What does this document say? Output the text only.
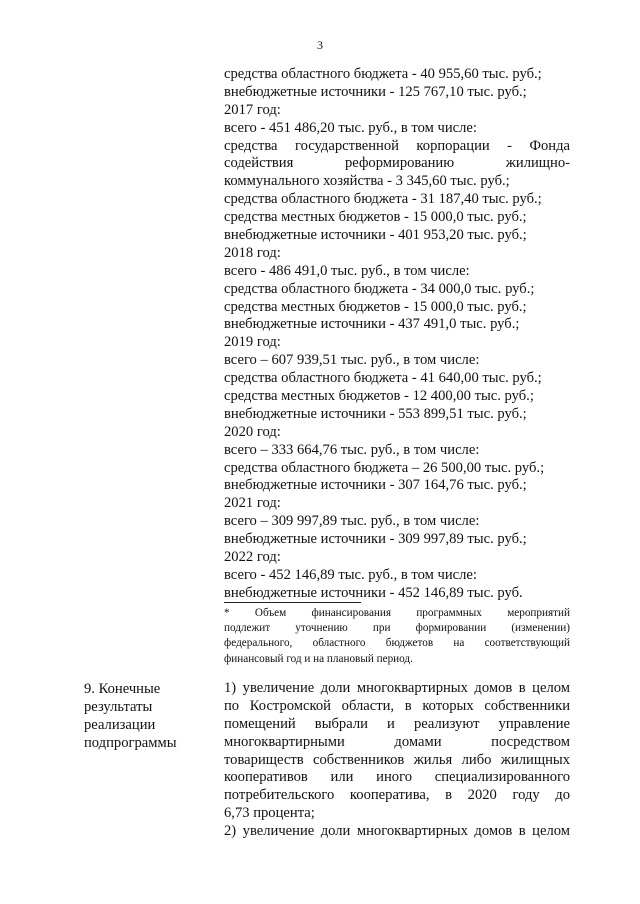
3
средства областного бюджета - 40 955,60 тыс. руб.;
внебюджетные источники - 125 767,10 тыс. руб.;
2017 год:
всего - 451 486,20 тыс. руб., в том числе:
средства государственной корпорации - Фонда
содействия реформированию жилищно-
коммунального хозяйства - 3 345,60 тыс. руб.;
средства областного бюджета - 31 187,40 тыс. руб.;
средства местных бюджетов - 15 000,0 тыс. руб.;
внебюджетные источники - 401 953,20 тыс. руб.;
2018 год:
всего - 486 491,0 тыс. руб., в том числе:
средства областного бюджета - 34 000,0 тыс. руб.;
средства местных бюджетов - 15 000,0 тыс. руб.;
внебюджетные источники - 437 491,0 тыс. руб.;
2019 год:
всего – 607 939,51 тыс. руб., в том числе:
средства областного бюджета - 41 640,00 тыс. руб.;
средства местных бюджетов - 12 400,00 тыс. руб.;
внебюджетные источники - 553 899,51 тыс. руб.;
2020 год:
всего – 333 664,76 тыс. руб., в том числе:
средства областного бюджета – 26 500,00 тыс. руб.;
внебюджетные источники - 307 164,76 тыс. руб.;
2021 год:
всего – 309 997,89 тыс. руб., в том числе:
внебюджетные источники - 309 997,89 тыс. руб.;
2022 год:
всего - 452 146,89 тыс. руб., в том числе:
внебюджетные источники - 452 146,89 тыс. руб.
* Объем финансирования программных мероприятий
подлежит уточнению при формировании (изменении)
федерального, областного бюджетов на соответствующий
финансовый год и на плановый период.
9. Конечные
результаты
реализации
подпрограммы
1) увеличение доли многоквартирных домов в целом
по Костромской области, в которых собственники
помещений выбрали и реализуют управление
многоквартирными домами посредством
товариществ собственников жилья либо жилищных
кооперативов или иного специализированного
потребительского кооператива, в 2020 году до
6,73 процента;
2) увеличение доли многоквартирных домов в целом
